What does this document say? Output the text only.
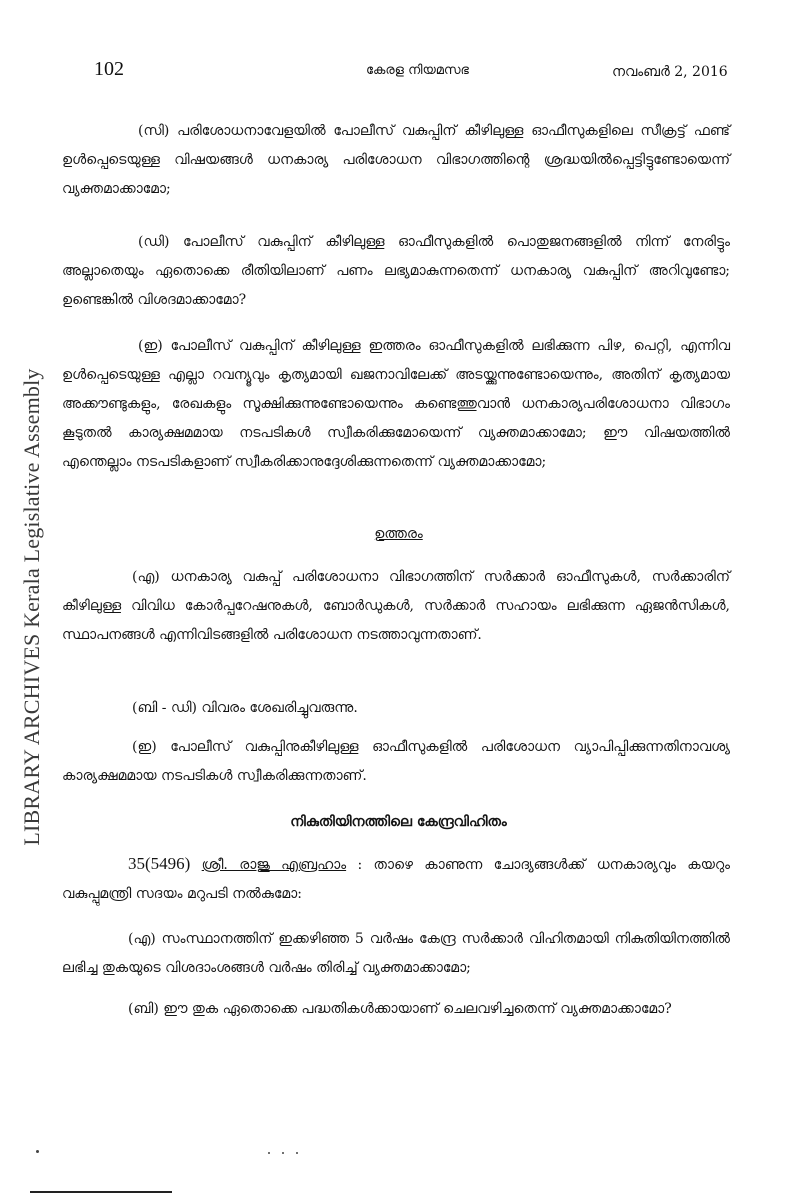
LIBRARY ARCHIVES Kerala Legislative Assembly
102	കേരള നിയമസഭ	നവംബർ 2, 2016

(സി) പരിശോധനാവേളയിൽ പോലീസ് വകുപ്പിന് കീഴിലുള്ള ഓഫീസുകളിലെ സീക്രട്ട് ഫണ്ട് ഉൾപ്പെടെയുള്ള വിഷയങ്ങൾ ധനകാര്യ പരിശോധന വിഭാഗത്തിന്റെ ശ്രദ്ധയിൽപ്പെട്ടിട്ടുണ്ടോയെന്ന് വ്യക്തമാക്കാമോ;

(ഡി) പോലീസ് വകുപ്പിന് കീഴിലുള്ള ഓഫീസുകളിൽ പൊതുജനങ്ങളിൽ നിന്ന് നേരിട്ടും അല്ലാതെയും ഏതൊക്കെ രീതിയിലാണ് പണം ലഭ്യമാകുന്നതെന്ന് ധനകാര്യ വകുപ്പിന് അറിവുണ്ടോ; ഉണ്ടെങ്കിൽ വിശദമാക്കാമോ?

(ഇ) പോലീസ് വകുപ്പിന് കീഴിലുള്ള ഇത്തരം ഓഫീസുകളിൽ ലഭിക്കുന്ന പിഴ, പെറ്റി, എന്നിവ ഉൾപ്പെടെയുള്ള എല്ലാ റവന്യൂവും കൃത്യമായി ഖജനാവിലേക്ക് അടയ്ക്കുന്നുണ്ടോയെന്നും, അതിന് കൃത്യമായ അക്കൗണ്ടുകളും, രേഖകളും സൂക്ഷിക്കുന്നുണ്ടോയെന്നും കണ്ടെത്തുവാൻ ധനകാര്യപരിശോധനാ വിഭാഗം കൂടുതൽ കാര്യക്ഷമമായ നടപടികൾ സ്വീകരിക്കുമോയെന്ന് വ്യക്തമാക്കാമോ; ഈ വിഷയത്തിൽ എന്തെല്ലാം നടപടികളാണ് സ്വീകരിക്കാനുദ്ദേശിക്കുന്നതെന്ന് വ്യക്തമാക്കാമോ;

ഉത്തരം

(എ) ധനകാര്യ വകുപ്പ് പരിശോധനാ വിഭാഗത്തിന് സർക്കാർ ഓഫീസുകൾ, സർക്കാരിന് കീഴിലുള്ള വിവിധ കോർപ്പറേഷനുകൾ, ബോർഡുകൾ, സർക്കാർ സഹായം ലഭിക്കുന്ന ഏജൻസികൾ, സ്ഥാപനങ്ങൾ എന്നിവിടങ്ങളിൽ പരിശോധന നടത്താവുന്നതാണ്.

(ബി - ഡി) വിവരം ശേഖരിച്ചുവരുന്നു.

(ഇ) പോലീസ് വകുപ്പിനുകീഴിലുള്ള ഓഫീസുകളിൽ പരിശോധന വ്യാപിപ്പിക്കുന്നതിനാവശ്യ കാര്യക്ഷമമായ നടപടികൾ സ്വീകരിക്കുന്നതാണ്.

നികുതിയിനത്തിലെ കേന്ദ്രവിഹിതം

35(5496) ശ്രീ. രാജു എബ്രഹാം : താഴെ കാണുന്ന ചോദ്യങ്ങൾക്ക് ധനകാര്യവും കയറും വകുപ്പുമന്ത്രി സദയം മറുപടി നൽകുമോ:

(എ) സംസ്ഥാനത്തിന് ഇക്കഴിഞ്ഞ 5 വർഷം കേന്ദ്ര സർക്കാർ വിഹിതമായി നികുതിയിനത്തിൽ ലഭിച്ച തുകയുടെ വിശദാംശങ്ങൾ വർഷം തിരിച്ച് വ്യക്തമാക്കാമോ;

(ബി) ഈ തുക ഏതൊക്കെ പദ്ധതികൾക്കായാണ് ചെലവഴിച്ചതെന്ന് വ്യക്തമാക്കാമോ?
